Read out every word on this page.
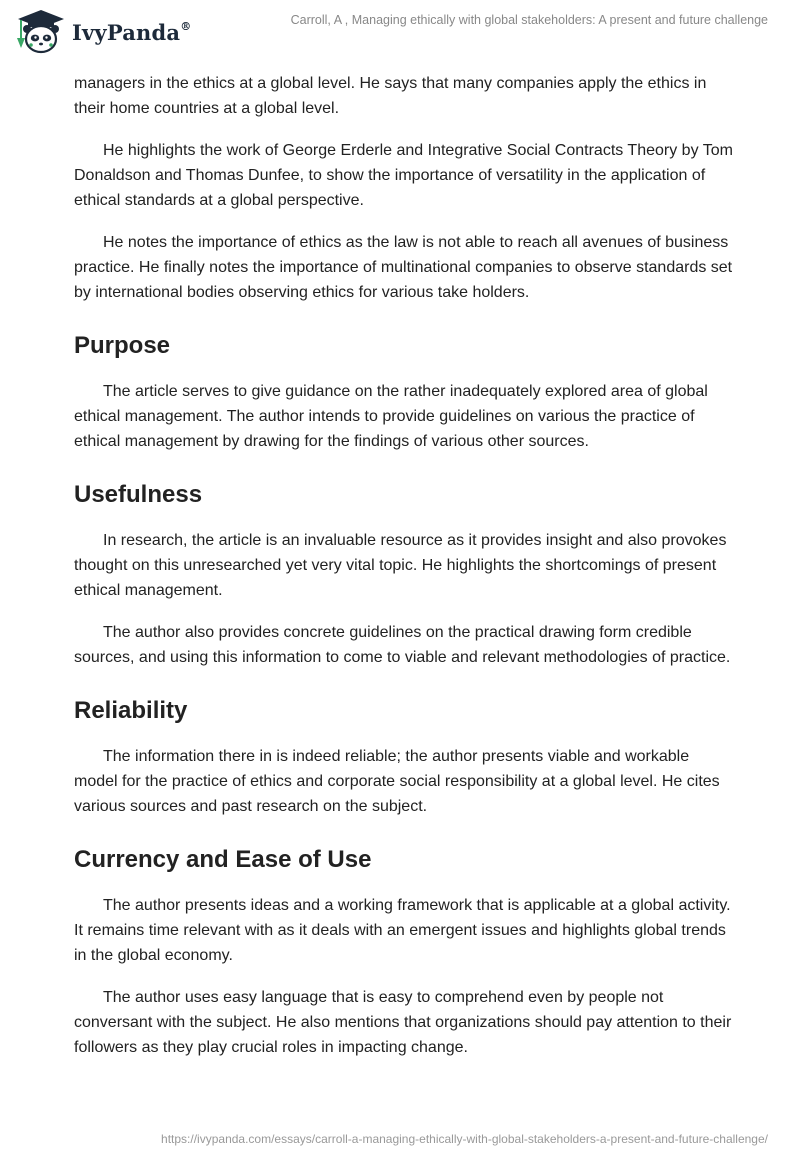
IvyPanda®	Carroll, A , Managing ethically with global stakeholders: A present and future challenge

managers in the ethics at a global level. He says that many companies apply the ethics in their home countries at a global level.

He highlights the work of George Erderle and Integrative Social Contracts Theory by Tom Donaldson and Thomas Dunfee, to show the importance of versatility in the application of ethical standards at a global perspective.

He notes the importance of ethics as the law is not able to reach all avenues of business practice. He finally notes the importance of multinational companies to observe standards set by international bodies observing ethics for various take holders.

Purpose

The article serves to give guidance on the rather inadequately explored area of global ethical management. The author intends to provide guidelines on various the practice of ethical management by drawing for the findings of various other sources.

Usefulness

In research, the article is an invaluable resource as it provides insight and also provokes thought on this unresearched yet very vital topic. He highlights the shortcomings of present ethical management.

The author also provides concrete guidelines on the practical drawing form credible sources, and using this information to come to viable and relevant methodologies of practice.

Reliability

The information there in is indeed reliable; the author presents viable and workable model for the practice of ethics and corporate social responsibility at a global level. He cites various sources and past research on the subject.

Currency and Ease of Use

The author presents ideas and a working framework that is applicable at a global activity. It remains time relevant with as it deals with an emergent issues and highlights global trends in the global economy.

The author uses easy language that is easy to comprehend even by people not conversant with the subject. He also mentions that organizations should pay attention to their followers as they play crucial roles in impacting change.

https://ivypanda.com/essays/carroll-a-managing-ethically-with-global-stakeholders-a-present-and-future-challenge/
